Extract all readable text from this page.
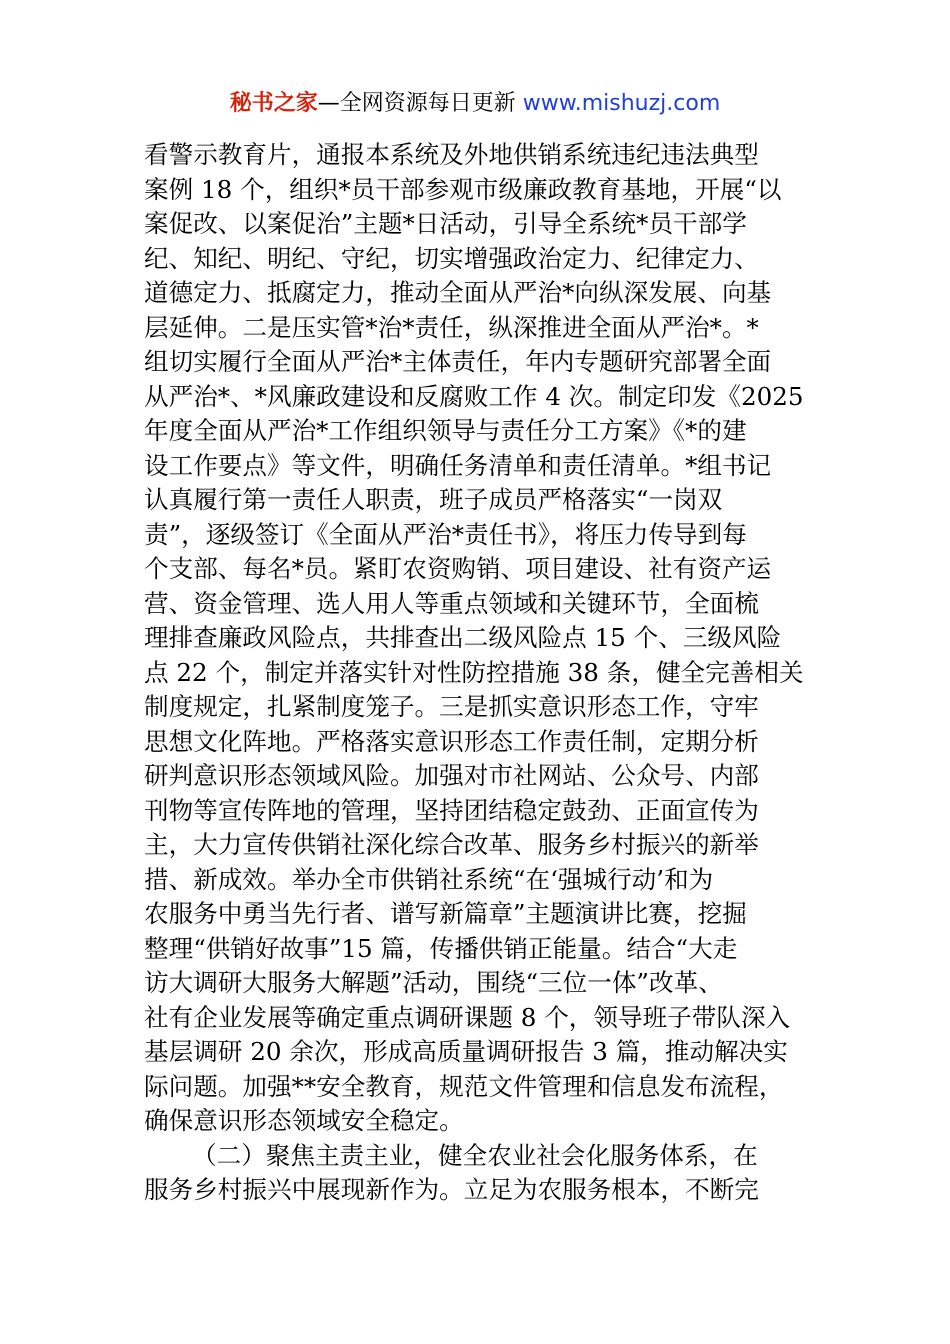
秘书之家—全网资源每日更新 www.mishuzj.com
看警示教育片，通报本系统及外地供销系统违纪违法典型
案例 18 个，组织*员干部参观市级廉政教育基地，开展“以
案促改、以案促治”主题*日活动，引导全系统*员干部学
纪、知纪、明纪、守纪，切实增强政治定力、纪律定力、
道德定力、抵腐定力，推动全面从严治*向纵深发展、向基
层延伸。二是压实管*治*责任，纵深推进全面从严治*。*
组切实履行全面从严治*主体责任，年内专题研究部署全面
从严治*、*风廉政建设和反腐败工作 4 次。制定印发《2025
年度全面从严治*工作组织领导与责任分工方案》《*的建
设工作要点》等文件，明确任务清单和责任清单。*组书记
认真履行第一责任人职责，班子成员严格落实“一岗双
责”，逐级签订《全面从严治*责任书》，将压力传导到每
个支部、每名*员。紧盯农资购销、项目建设、社有资产运
营、资金管理、选人用人等重点领域和关键环节，全面梳
理排查廉政风险点，共排查出二级风险点 15 个、三级风险
点 22 个，制定并落实针对性防控措施 38 条，健全完善相关
制度规定，扎紧制度笼子。三是抓实意识形态工作，守牢
思想文化阵地。严格落实意识形态工作责任制，定期分析
研判意识形态领域风险。加强对市社网站、公众号、内部
刊物等宣传阵地的管理，坚持团结稳定鼓劲、正面宣传为
主，大力宣传供销社深化综合改革、服务乡村振兴的新举
措、新成效。举办全市供销社系统“在‘强城行动’和为
农服务中勇当先行者、谱写新篇章”主题演讲比赛，挖掘
整理“供销好故事”15 篇，传播供销正能量。结合“大走
访大调研大服务大解题”活动，围绕“三位一体”改革、
社有企业发展等确定重点调研课题 8 个，领导班子带队深入
基层调研 20 余次，形成高质量调研报告 3 篇，推动解决实
际问题。加强**安全教育，规范文件管理和信息发布流程，
确保意识形态领域安全稳定。
（二）聚焦主责主业，健全农业社会化服务体系，在
服务乡村振兴中展现新作为。立足为农服务根本，不断完
